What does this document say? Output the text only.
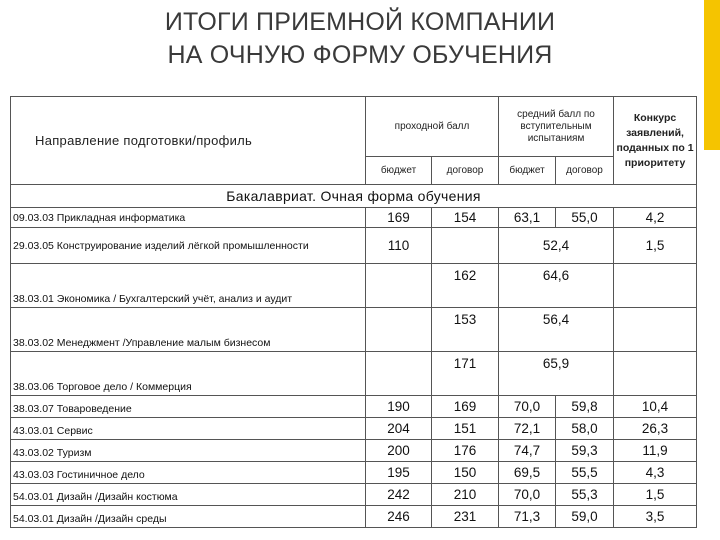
ИТОГИ ПРИЕМНОЙ КОМПАНИИ
НА ОЧНУЮ ФОРМУ ОБУЧЕНИЯ
Направление подготовки/профиль	проходной балл		средний балл по вступительным испытаниям		Конкурс заявлений, поданных по 1 приоритету
	бюджет	договор	бюджет	договор	
Бакалавриат. Очная форма обучения					
09.03.03 Прикладная информатика	169	154	63,1	55,0	4,2
29.03.05 Конструирование изделий лёгкой промышленности	110		52,4		1,5
38.03.01 Экономика / Бухгалтерский учёт, анализ и аудит		162	64,6		
38.03.02 Менеджмент /Управление малым бизнесом		153	56,4		
38.03.06 Торговое дело / Коммерция		171	65,9		
38.03.07 Товароведение	190	169	70,0	59,8	10,4
43.03.01 Сервис	204	151	72,1	58,0	26,3
43.03.02 Туризм	200	176	74,7	59,3	11,9
43.03.03 Гостиничное дело	195	150	69,5	55,5	4,3
54.03.01 Дизайн /Дизайн костюма	242	210	70,0	55,3	1,5
54.03.01 Дизайн /Дизайн среды	246	231	71,3	59,0	3,5
